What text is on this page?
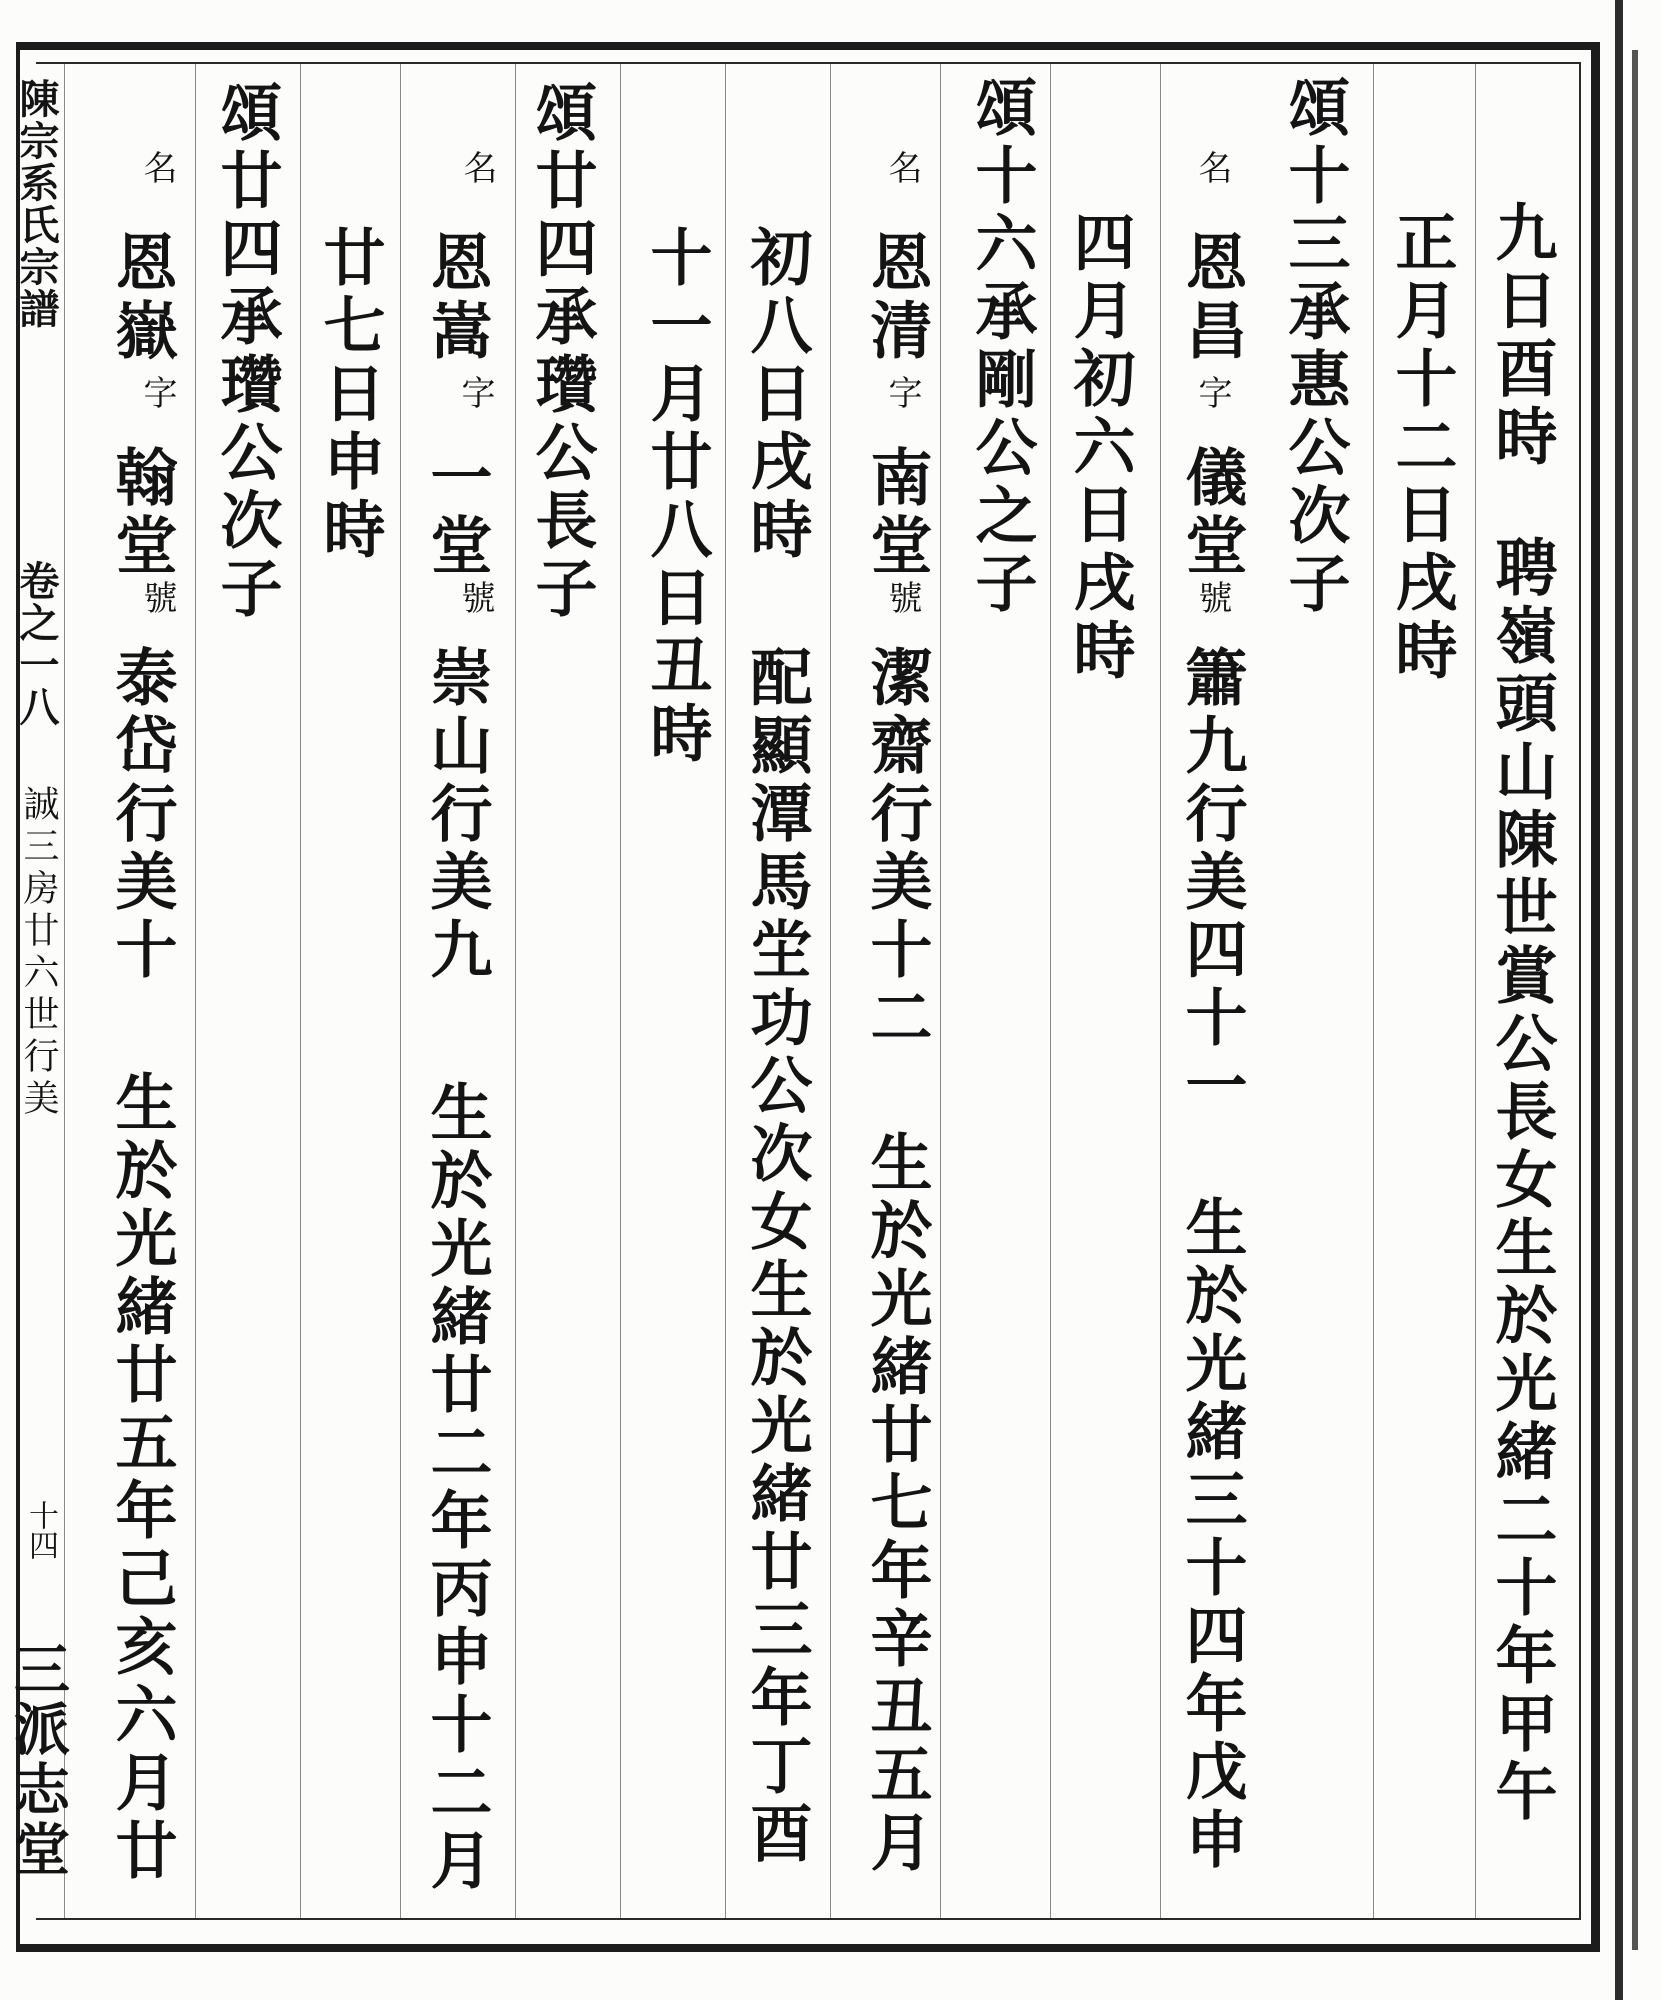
陳宗系氏宗譜
卷之一八
誠三房廿六世行美
十四
三派志堂
九日酉時
聘嶺頭山陳世賞公長女生於光緒二十年甲午
正月十二日戌時
頌十三承惠公次子
名
恩昌
字
儀堂
號
簫九行美四十一
生於光緒三十四年戊申
四月初六日戌時
頌十六承剛公之子
名
恩清
字
南堂
號
潔齋行美十二
生於光緒廿七年辛丑五月
初八日戌時
配顯潭馬坣功公次女生於光緒廿三年丁酉
十一月廿八日丑時
頌廿四承瓚公長子
名
恩嵩
字
一堂
號
崇山行美九
生於光緒廿二年丙申十二月
廿七日申時
頌廿四承瓚公次子
名
恩嶽
字
翰堂
號
泰岱行美十
生於光緒廿五年己亥六月廿
